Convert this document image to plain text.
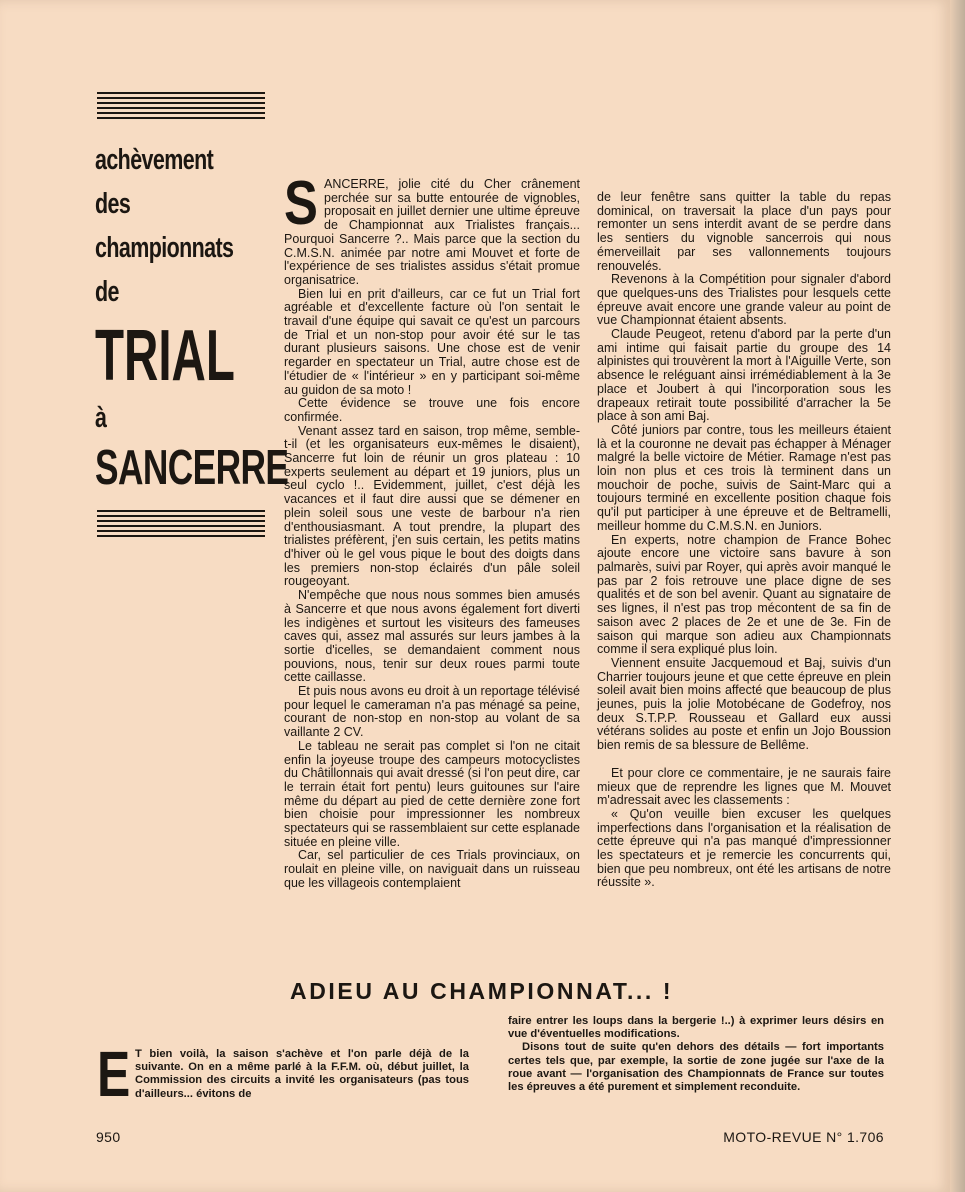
achèvement
des
championnats
de
TRIAL
à
SANCERRE

SANCERRE, jolie cité du Cher crânement perchée sur sa butte entourée de vignobles, proposait en juillet dernier une ultime épreuve de Championnat aux Trialistes français... Pourquoi Sancerre ?.. Mais parce que la section du C.M.S.N. animée par notre ami Mouvet et forte de l'expérience de ses trialistes assidus s'était promue organisatrice.

Bien lui en prit d'ailleurs, car ce fut un Trial fort agréable et d'excellente facture où l'on sentait le travail d'une équipe qui savait ce qu'est un parcours de Trial et un non-stop pour avoir été sur le tas durant plusieurs saisons. Une chose est de venir regarder en spectateur un Trial, autre chose est de l'étudier de « l'intérieur » en y participant soi-même au guidon de sa moto !

Cette évidence se trouve une fois encore confirmée.

Venant assez tard en saison, trop même, semble-t-il (et les organisateurs eux-mêmes le disaient), Sancerre fut loin de réunir un gros plateau : 10 experts seulement au départ et 19 juniors, plus un seul cyclo !.. Evidemment, juillet, c'est déjà les vacances et il faut dire aussi que se démener en plein soleil sous une veste de barbour n'a rien d'enthousiasmant. A tout prendre, la plupart des trialistes préfèrent, j'en suis certain, les petits matins d'hiver où le gel vous pique le bout des doigts dans les premiers non-stop éclairés d'un pâle soleil rougeoyant.

N'empêche que nous nous sommes bien amusés à Sancerre et que nous avons également fort diverti les indigènes et surtout les visiteurs des fameuses caves qui, assez mal assurés sur leurs jambes à la sortie d'icelles, se demandaient comment nous pouvions, nous, tenir sur deux roues parmi toute cette caillasse.

Et puis nous avons eu droit à un reportage télévisé pour lequel le cameraman n'a pas ménagé sa peine, courant de non-stop en non-stop au volant de sa vaillante 2 CV.

Le tableau ne serait pas complet si l'on ne citait enfin la joyeuse troupe des campeurs motocyclistes du Châtillonnais qui avait dressé (si l'on peut dire, car le terrain était fort pentu) leurs guitounes sur l'aire même du départ au pied de cette dernière zone fort bien choisie pour impressionner les nombreux spectateurs qui se rassemblaient sur cette esplanade située en pleine ville.

Car, sel particulier de ces Trials provinciaux, on roulait en pleine ville, on naviguait dans un ruisseau que les villageois contemplaient

de leur fenêtre sans quitter la table du repas dominical, on traversait la place d'un pays pour remonter un sens interdit avant de se perdre dans les sentiers du vignoble sancerrois qui nous émerveillait par ses vallonnements toujours renouvelés.

Revenons à la Compétition pour signaler d'abord que quelques-uns des Trialistes pour lesquels cette épreuve avait encore une grande valeur au point de vue Championnat étaient absents.

Claude Peugeot, retenu d'abord par la perte d'un ami intime qui faisait partie du groupe des 14 alpinistes qui trouvèrent la mort à l'Aiguille Verte, son absence le reléguant ainsi irrémédiablement à la 3e place et Joubert à qui l'incorporation sous les drapeaux retirait toute possibilité d'arracher la 5e place à son ami Baj.

Côté juniors par contre, tous les meilleurs étaient là et la couronne ne devait pas échapper à Ménager malgré la belle victoire de Métier. Ramage n'est pas loin non plus et ces trois là terminent dans un mouchoir de poche, suivis de Saint-Marc qui a toujours terminé en excellente position chaque fois qu'il put participer à une épreuve et de Beltramelli, meilleur homme du C.M.S.N. en Juniors.

En experts, notre champion de France Bohec ajoute encore une victoire sans bavure à son palmarès, suivi par Royer, qui après avoir manqué le pas par 2 fois retrouve une place digne de ses qualités et de son bel avenir. Quant au signataire de ses lignes, il n'est pas trop mécontent de sa fin de saison avec 2 places de 2e et une de 3e. Fin de saison qui marque son adieu aux Championnats comme il sera expliqué plus loin.

Viennent ensuite Jacquemoud et Baj, suivis d'un Charrier toujours jeune et que cette épreuve en plein soleil avait bien moins affecté que beaucoup de plus jeunes, puis la jolie Motobécane de Godefroy, nos deux S.T.P.P. Rousseau et Gallard eux aussi vétérans solides au poste et enfin un Jojo Boussion bien remis de sa blessure de Bellême.

Et pour clore ce commentaire, je ne saurais faire mieux que de reprendre les lignes que M. Mouvet m'adressait avec les classements :

« Qu'on veuille bien excuser les quelques imperfections dans l'organisation et la réalisation de cette épreuve qui n'a pas manqué d'impressionner les spectateurs et je remercie les concurrents qui, bien que peu nombreux, ont été les artisans de notre réussite ».

ADIEU AU CHAMPIONNAT... !

E T bien voilà, la saison s'achève et l'on parle déjà de la suivante. On en a même parlé à la F.F.M. où, début juillet, la Commission des circuits a invité les organisateurs (pas tous d'ailleurs... évitons de

faire entrer les loups dans la bergerie !..) à exprimer leurs désirs en vue d'éventuelles modifications.

Disons tout de suite qu'en dehors des détails — fort importants certes tels que, par exemple, la sortie de zone jugée sur l'axe de la roue avant — l'organisation des Championnats de France sur toutes les épreuves a été purement et simplement reconduite.

950	MOTO-REVUE N° 1.706
